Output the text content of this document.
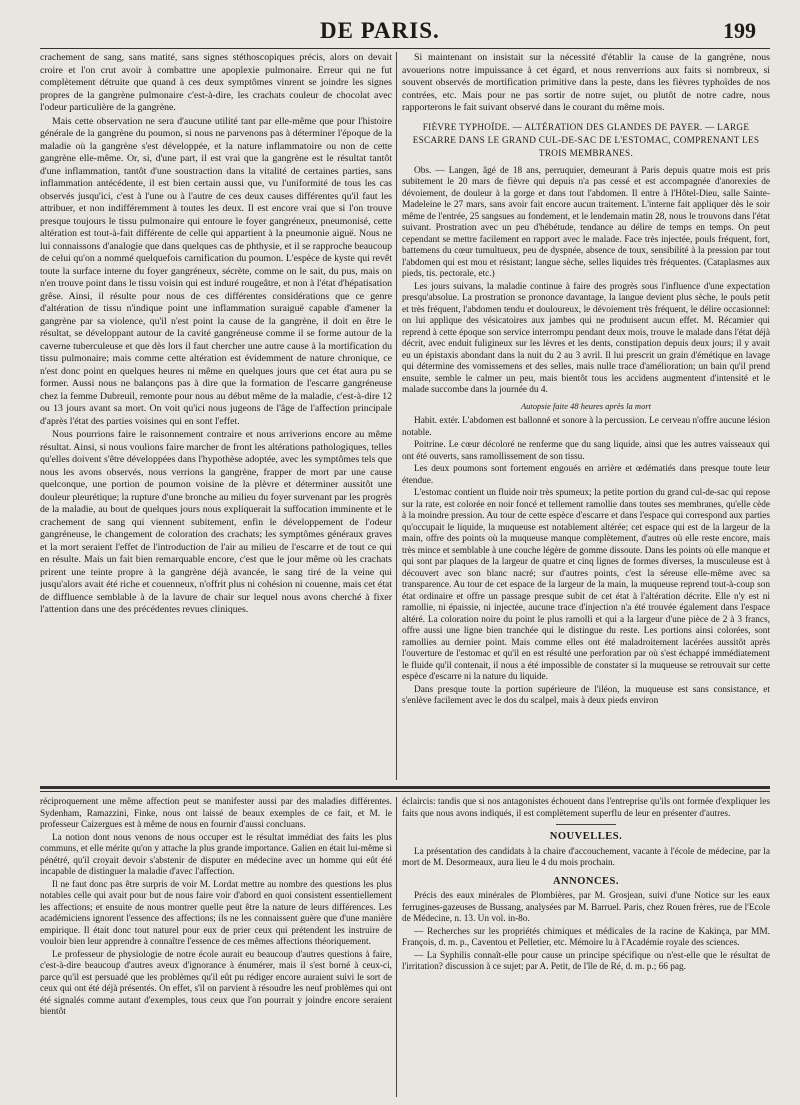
DE PARIS.	199

crachement de sang, sans matité, sans signes stéthoscopiques précis, alors on devait croire et l'on crut avoir à combattre une apoplexie pulmonaire. Erreur qui ne fut complètement détruite que quand à ces deux symptômes vinrent se joindre les signes propres de la gangrène pulmonaire c'est-à-dire, les crachats couleur de chocolat avec l'odeur particulière de la gangrène.

Mais cette observation ne sera d'aucune utilité tant par elle-même que pour l'histoire générale de la gangrène du poumon, si nous ne parvenons pas à déterminer l'époque de la maladie où la gangrène s'est développée, et la nature inflammatoire ou non de cette gangrène elle-même. Or, si, d'une part, il est vrai que la gangrène est le résultat tantôt d'une inflammation, tantôt d'une soustraction dans la vitalité de certaines parties, sans inflammation antécédente, il est bien certain aussi que, vu l'uniformité de tous les cas observés jusqu'ici, c'est à l'une ou à l'autre de ces deux causes différentes qu'il faut les attribuer, et non indifféremment à toutes les deux. Il est encore vrai que si l'on trouve presque toujours le tissu pulmonaire qui entoure le foyer gangréneux, pneumonisé, cette altération est tout-à-fait différente de celle qui appartient à la pneumonie aiguë. Nous ne lui connaissons d'analogie que dans quelques cas de phthysie, et il se rapproche beaucoup de celui qu'on a nommé quelquefois carnification du poumon. L'espèce de kyste qui revêt toute la surface interne du foyer gangréneux, sécrète, comme on le sait, du pus, mais on n'en trouve point dans le tissu voisin qui est induré rougeâtre, et non à l'état d'hépatisation grêse. Ainsi, il résulte pour nous de ces différentes considérations que ce genre d'altération de tissu n'indique point une inflammation suraiguë capable d'amener la gangrène par sa violence, qu'il n'est point la cause de la gangrène, il doit en être le résultat, se développant autour de la cavité gangréneuse comme il se forme autour de la caverne tuberculeuse et que dès lors il faut chercher une autre cause à la mortification du tissu pulmonaire; mais comme cette altération est évidemment de nature chronique, ce n'est donc point en quelques heures ni même en quelques jours que cet état aura pu se former. Aussi nous ne balançons pas à dire que la formation de l'escarre gangréneuse chez la femme Dubreuil, remonte pour nous au début même de la maladie, c'est-à-dire 12 ou 13 jours avant sa mort. On voit qu'ici nous jugeons de l'âge de l'affection principale d'après l'état des parties voisines qui en sont l'effet.

Nous pourrions faire le raisonnement contraire et nous arriverions encore au même résultat. Ainsi, si nous voulions faire marcher de front les altérations pathologiques, telles qu'elles doivent s'être développées dans l'hypothèse adoptée, avec les symptômes tels que nous les avons observés, nous verrions la gangrène, frapper de mort par une cause quelconque, une portion de poumon voisine de la plèvre et déterminer aussitôt une douleur pleurétique; la rupture d'une bronche au milieu du foyer survenant par les progrès de la maladie, au bout de quelques jours nous expliquerait la suffocation imminente et le crachement de sang qui viennent subitement, enfin le développement de l'odeur gangréneuse, le changement de coloration des crachats; les symptômes généraux graves et la mort seraient l'effet de l'introduction de l'air au milieu de l'escarre et de tout ce qui en résulte. Mais un fait bien remarquable encore, c'est que le jour même où les crachats prirent une teinte propre à la gangrène déjà avancée, le sang tiré de la veine qui jusqu'alors avait été riche et couenneux, n'offrit plus ni cohésion ni couenne, mais cet état de diffluence semblable à de la lavure de chair sur lequel nous avons cherché à fixer l'attention dans une des précédentes revues cliniques.

Si maintenant on insistait sur la nécessité d'établir la cause de la gangrène, nous avouerions notre impuissance à cet égard, et nous renverrions aux faits si nombreux, si souvent observés de mortification primitive dans la peste, dans les fièvres typhoïdes de nos contrées, etc. Mais pour ne pas sortir de notre sujet, ou plutôt de notre cadre, nous rapporterons le fait suivant observé dans le courant du même mois.

FIÈVRE TYPHOÏDE. — ALTÉRATION DES GLANDES DE PAYER. — LARGE ESCARRE DANS LE GRAND CUL-DE-SAC DE L'ESTOMAC, COMPRENANT LES TROIS MEMBRANES.

Obs. — Langen, âgé de 18 ans, perruquier, demeurant à Paris depuis quatre mois est pris subitement le 20 mars de fièvre qui depuis n'a pas cessé et est accompagnée d'anorexies de dévoiement, de douleur à la gorge et dans tout l'abdomen. Il entre à l'Hôtel-Dieu, salle Sainte-Madeleine le 27 mars, sans avoir fait encore aucun traitement. L'interne fait appliquer dès le soir même de l'entrée, 25 sangsues au fondement, et le lendemain matin 28, nous le trouvons dans l'état suivant. Prostration avec un peu d'hébétude, tendance au délire de temps en temps. On peut cependant se mettre facilement en rapport avec le malade. Face très injectée, pouls fréquent, fort, battemens du cœur tumultueux, peu de dyspnée, absence de toux, sensibilité à la pression par tout l'abdomen qui est mou et résistant; langue sèche, selles liquides très fréquentes. (Cataplasmes aux pieds, tis. pectorale, etc.)

Les jours suivans, la maladie continue à faire des progrès sous l'influence d'une expectation presqu'absolue. La prostration se prononce davantage, la langue devient plus sèche, le pouls petit et très fréquent, l'abdomen tendu et douloureux, le dévoiement très fréquent, le délire occasionnel: on lui applique des vésicatoires aux jambes qui ne produisent aucun effet. M. Récamier qui reprend à cette époque son service interrompu pendant deux mois, trouve le malade dans l'état déjà décrit, avec enduit fuligineux sur les lèvres et les dents, constipation depuis deux jours; il y avait eu un épistaxis abondant dans la nuit du 2 au 3 avril. Il lui prescrit un grain d'émétique en lavage qui détermine des vomissemens et des selles, mais nulle trace d'amélioration; un bain qu'il prend ensuite, semble le calmer un peu, mais bientôt tous les accidens augmentent d'intensité et le malade succombe dans la journée du 4.

Autopsie faite 48 heures après la mort

Habit. extér. L'abdomen est ballonné et sonore à la percussion. Le cerveau n'offre aucune lésion notable.

Poitrine. Le cœur décoloré ne renferme que du sang liquide, ainsi que les autres vaisseaux qui ont été ouverts, sans ramollissement de son tissu.

Les deux poumons sont fortement engoués en arrière et œdématiés dans presque toute leur étendue.

L'estomac contient un fluide noir très spumeux; la petite portion du grand cul-de-sac qui repose sur la rate, est colorée en noir foncé et tellement ramollie dans toutes ses membranes, qu'elle cède à la moindre pression. Au tour de cette espèce d'escarre et dans l'espace qui correspond aux parties qu'occupait le liquide, la muqueuse est notablement altérée; cet espace qui est de la largeur de la main, offre des points où la muqueuse manque complètement, d'autres où elle reste encore, mais très mince et semblable à une couche légère de gomme dissoute. Dans les points où elle manque et qui sont par plaques de la largeur de quatre et cinq lignes de formes diverses, la musculeuse est à découvert avec son blanc nacré; sur d'autres points, c'est la séreuse elle-même avec sa transparence. Au tour de cet espace de la largeur de la main, la muqueuse reprend tout-à-coup son état ordinaire et offre un passage presque subit de cet état à l'altération décrite. Elle n'y est ni ramollie, ni épaissie, ni injectée, aucune trace d'injection n'a été trouvée également dans l'espace altéré. La coloration noire du point le plus ramolli et qui a la largeur d'une pièce de 2 à 3 francs, offre aussi une ligne bien tranchée qui le distingue du reste. Les portions ainsi colorées, sont ramollies au dernier point. Mais comme elles ont été maladroitement lacérées aussitôt après l'ouverture de l'estomac et qu'il en est résulté une perforation par où s'est échappé immédiatement le fluide qu'il contenait, il nous a été impossible de constater si la muqueuse se retrouvait sur cette espèce d'escarre ni la nature du liquide.

Dans presque toute la portion supérieure de l'iléon, la muqueuse est sans consistance, et s'enlève facilement avec le dos du scalpel, mais à deux pieds environ

réciproquement une même affection peut se manifester aussi par des maladies différentes. Sydenham, Ramazzini, Finke, nous ont laissé de beaux exemples de ce fait, et M. le professeur Caizergues est à même de nous en fournir d'aussi concluans.

La notion dont nous venons de nous occuper est le résultat immédiat des faits les plus communs, et elle mérite qu'on y attache la plus grande importance. Galien en était lui-même si pénétré, qu'il croyait devoir s'abstenir de disputer en médecine avec un homme qui eût été incapable de distinguer la maladie d'avec l'affection.

Il ne faut donc pas être surpris de voir M. Lordat mettre au nombre des questions les plus notables celle qui avait pour but de nous faire voir d'abord en quoi consistent essentiellement les affections; et ensuite de nous montrer quelle peut être la nature de leurs différences. Les académiciens ignorent l'essence des affections; ils ne les connaissent guère que d'une manière empirique. Il était donc tout naturel pour eux de prier ceux qui prétendent les instruire de vouloir bien leur apprendre à connaître l'essence de ces mêmes affections théoriquement.

Le professeur de physiologie de notre école aurait eu beaucoup d'autres questions à faire, c'est-à-dire beaucoup d'autres aveux d'ignorance à énumérer, mais il s'est borné à ceux-ci, parce qu'il est persuadé que les problèmes qu'il eût pu rédiger encore auraient suivi le sort de ceux qui ont été déjà présentés. On effet, s'il on parvient à résoudre les neuf problèmes qui ont été signalés comme autant d'exemples, tous ceux que l'on pourrait y joindre encore seraient bientôt

éclaircis: tandis que si nos antagonistes échouent dans l'entreprise qu'ils ont formée d'expliquer les faits que nous avons indiqués, il est complètement superflu de leur en présenter d'autres.

NOUVELLES.

La présentation des candidats à la chaire d'accouchement, vacante à l'école de médecine, par la mort de M. Desormeaux, aura lieu le 4 du mois prochain.

ANNONCES.

Précis des eaux minérales de Plombières, par M. Grosjean, suivi d'une Notice sur les eaux ferrugines-gazeuses de Bussang, analysées par M. Barruel. Paris, chez Rouen frères, rue de l'Ecole de Médecine, n. 13. Un vol. in-8o.

— Recherches sur les propriétés chimiques et médicales de la racine de Kakinça, par MM. François, d. m. p., Caventou et Pelletier, etc. Mémoire lu à l'Académie royale des sciences.

— La Syphilis connaît-elle pour cause un principe spécifique ou n'est-elle que le résultat de l'irritation? discussion à ce sujet; par A. Petit, de l'île de Ré, d. m. p.; 66 pag.
